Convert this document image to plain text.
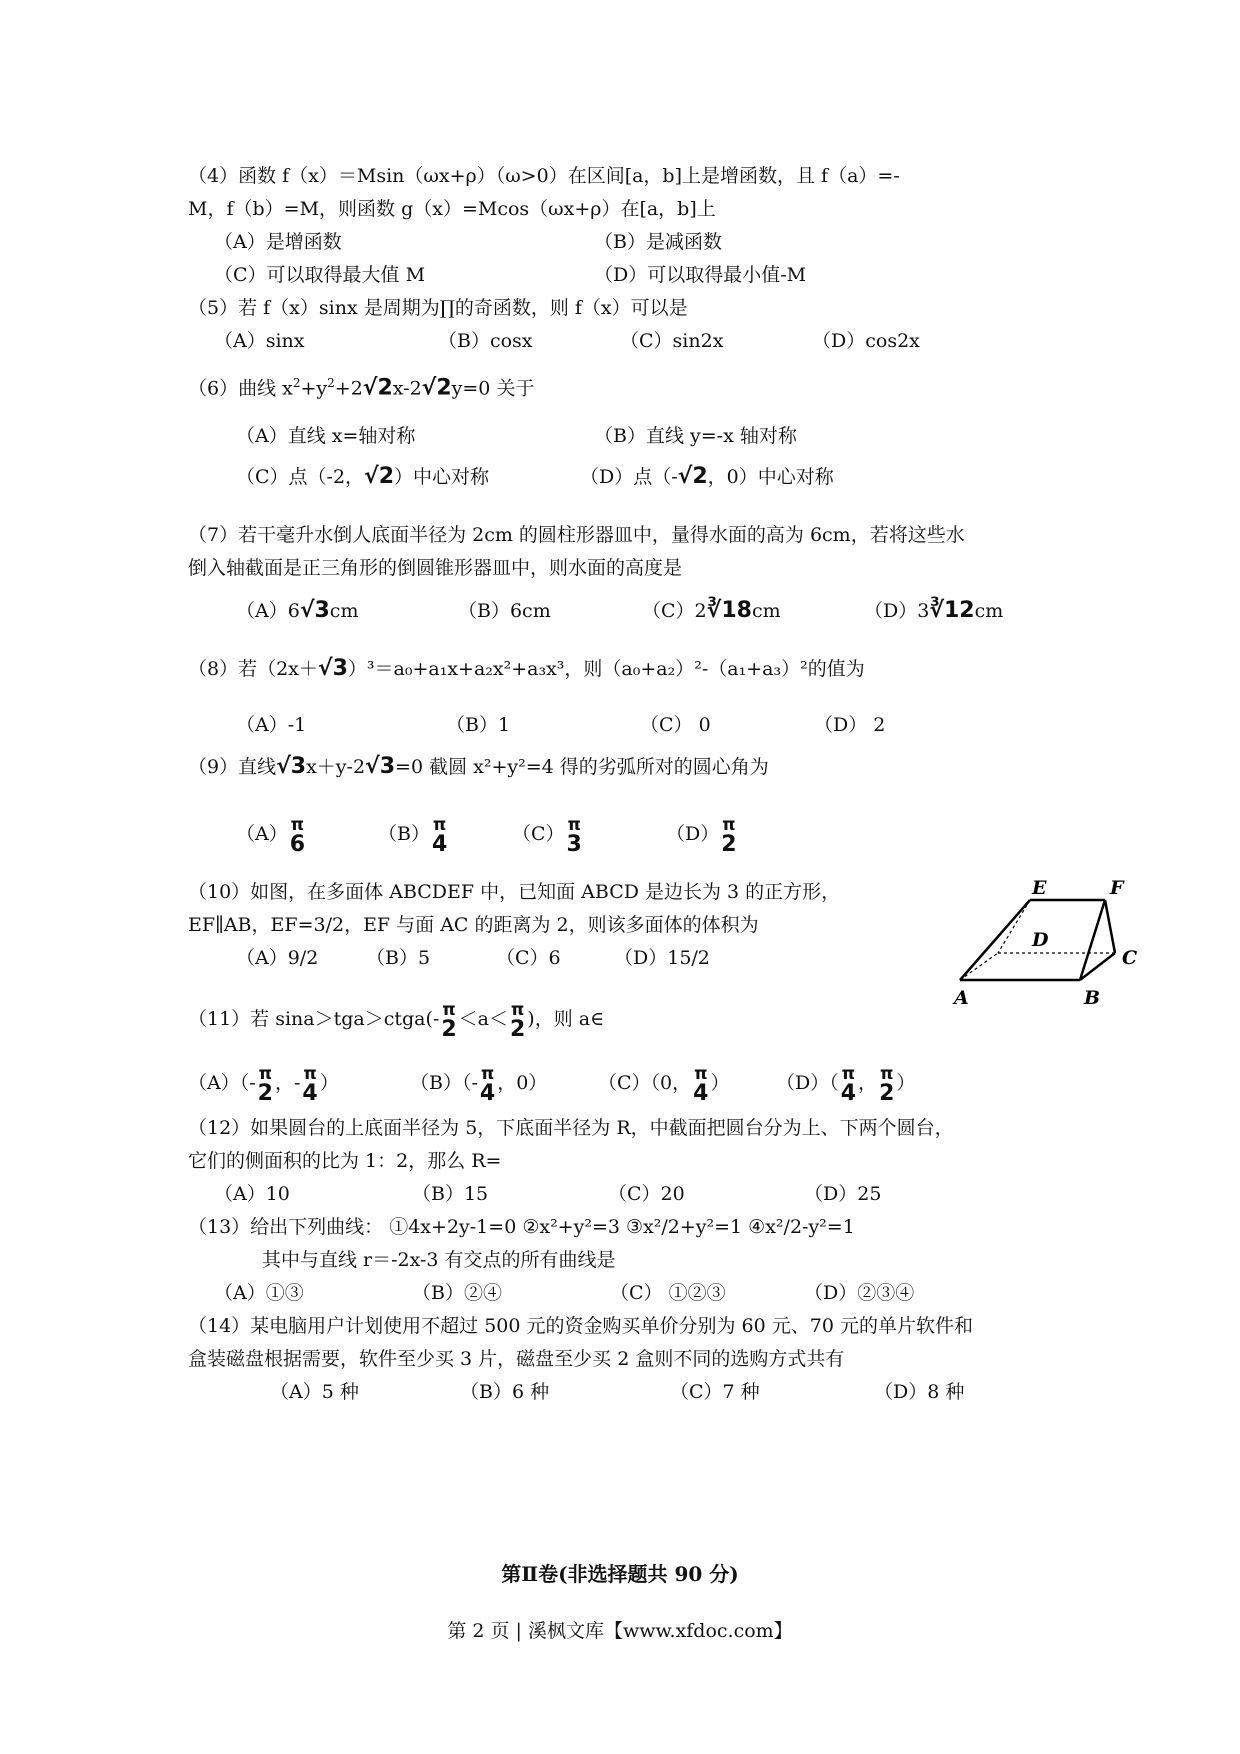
（4）函数 f（x）＝Msin（ωx+ρ）（ω>0）在区间[a，b]上是增函数，且 f（a）=-
M，f（b）=M，则函数 g（x）=Mcos（ωx+ρ）在[a，b]上
（A）是增函数	（B）是减函数
（C）可以取得最大值 M	（D）可以取得最小值-M
（5）若 f（x）sinx 是周期为∏的奇函数，则 f（x）可以是
（A）sinx	（B）cosx	（C）sin2x	（D）cos2x
（6）曲线 $x^2+y^2+2√2x-2√2y=0$ 关于
（A）直线 x=轴对称	（B）直线 y=-x 轴对称
（C）点（-2，√2）中心对称	（D）点（-√2，0）中心对称
（7）若干毫升水倒人底面半径为 2cm 的圆柱形器皿中，量得水面的高为 6cm，若将这些水
倒入轴截面是正三角形的倒圆锥形器皿中，则水面的高度是
（A）6√3cm	（B）6cm	（C）2∛18cm	（D）3∛12cm
（8）若（2x＋√3）³＝a₀+a₁x+a₂x²+a₃x³，则（a₀+a₂）²-（a₁+a₃）²的值为
（A）-1	（B）1	（C） 0	（D） 2
（9）直线√3x＋y-2√3=0 截圆 x²+y²=4 得的劣弧所对的圆心角为
（A） π
6	（B） π
4	（C） π
3	（D） π
2
（10）如图，在多面体 ABCDEF 中，已知面 ABCD 是边长为 3 的正方形，
EF∥AB，EF=3/2，EF 与面 AC 的距离为 2，则该多面体的体积为
（A）9/2	（B）5	（C）6	（D）15/2
E	F
D
C
A	B
（11）若 sina＞tga＞ctga(- π
2 ＜a＜ π
2 )，则 a∈
（A）（- π
2 ，- π
4 ）	（B）（- π
4 ，0）	（C）（0， π
4 ） （D）（ π
4 ， π
2 ）
（12）如果圆台的上底面半径为 5，下底面半径为 R，中截面把圆台分为上、下两个圆台，
它们的侧面积的比为 1：2，那么 R=
（A）10	（B）15	（C）20	（D）25
（13）给出下列曲线： ①4x+2y-1=0 ②x²+y²=3 ③x²/2+y²=1 ④x²/2-y²=1
其中与直线 r＝-2x-3 有交点的所有曲线是
（A）①③	（B）②④	（C） ①②③	（D）②③④
（14）某电脑用户计划使用不超过 500 元的资金购买单价分别为 60 元、70 元的单片软件和
盒装磁盘根据需要，软件至少买 3 片，磁盘至少买 2 盒则不同的选购方式共有
（A）5 种	（B）6 种	（C）7 种	（D）8 种
第Ⅱ卷(非选择题共 90 分)
第 2 页 | 溪枫文库【www.xfdoc.com】
